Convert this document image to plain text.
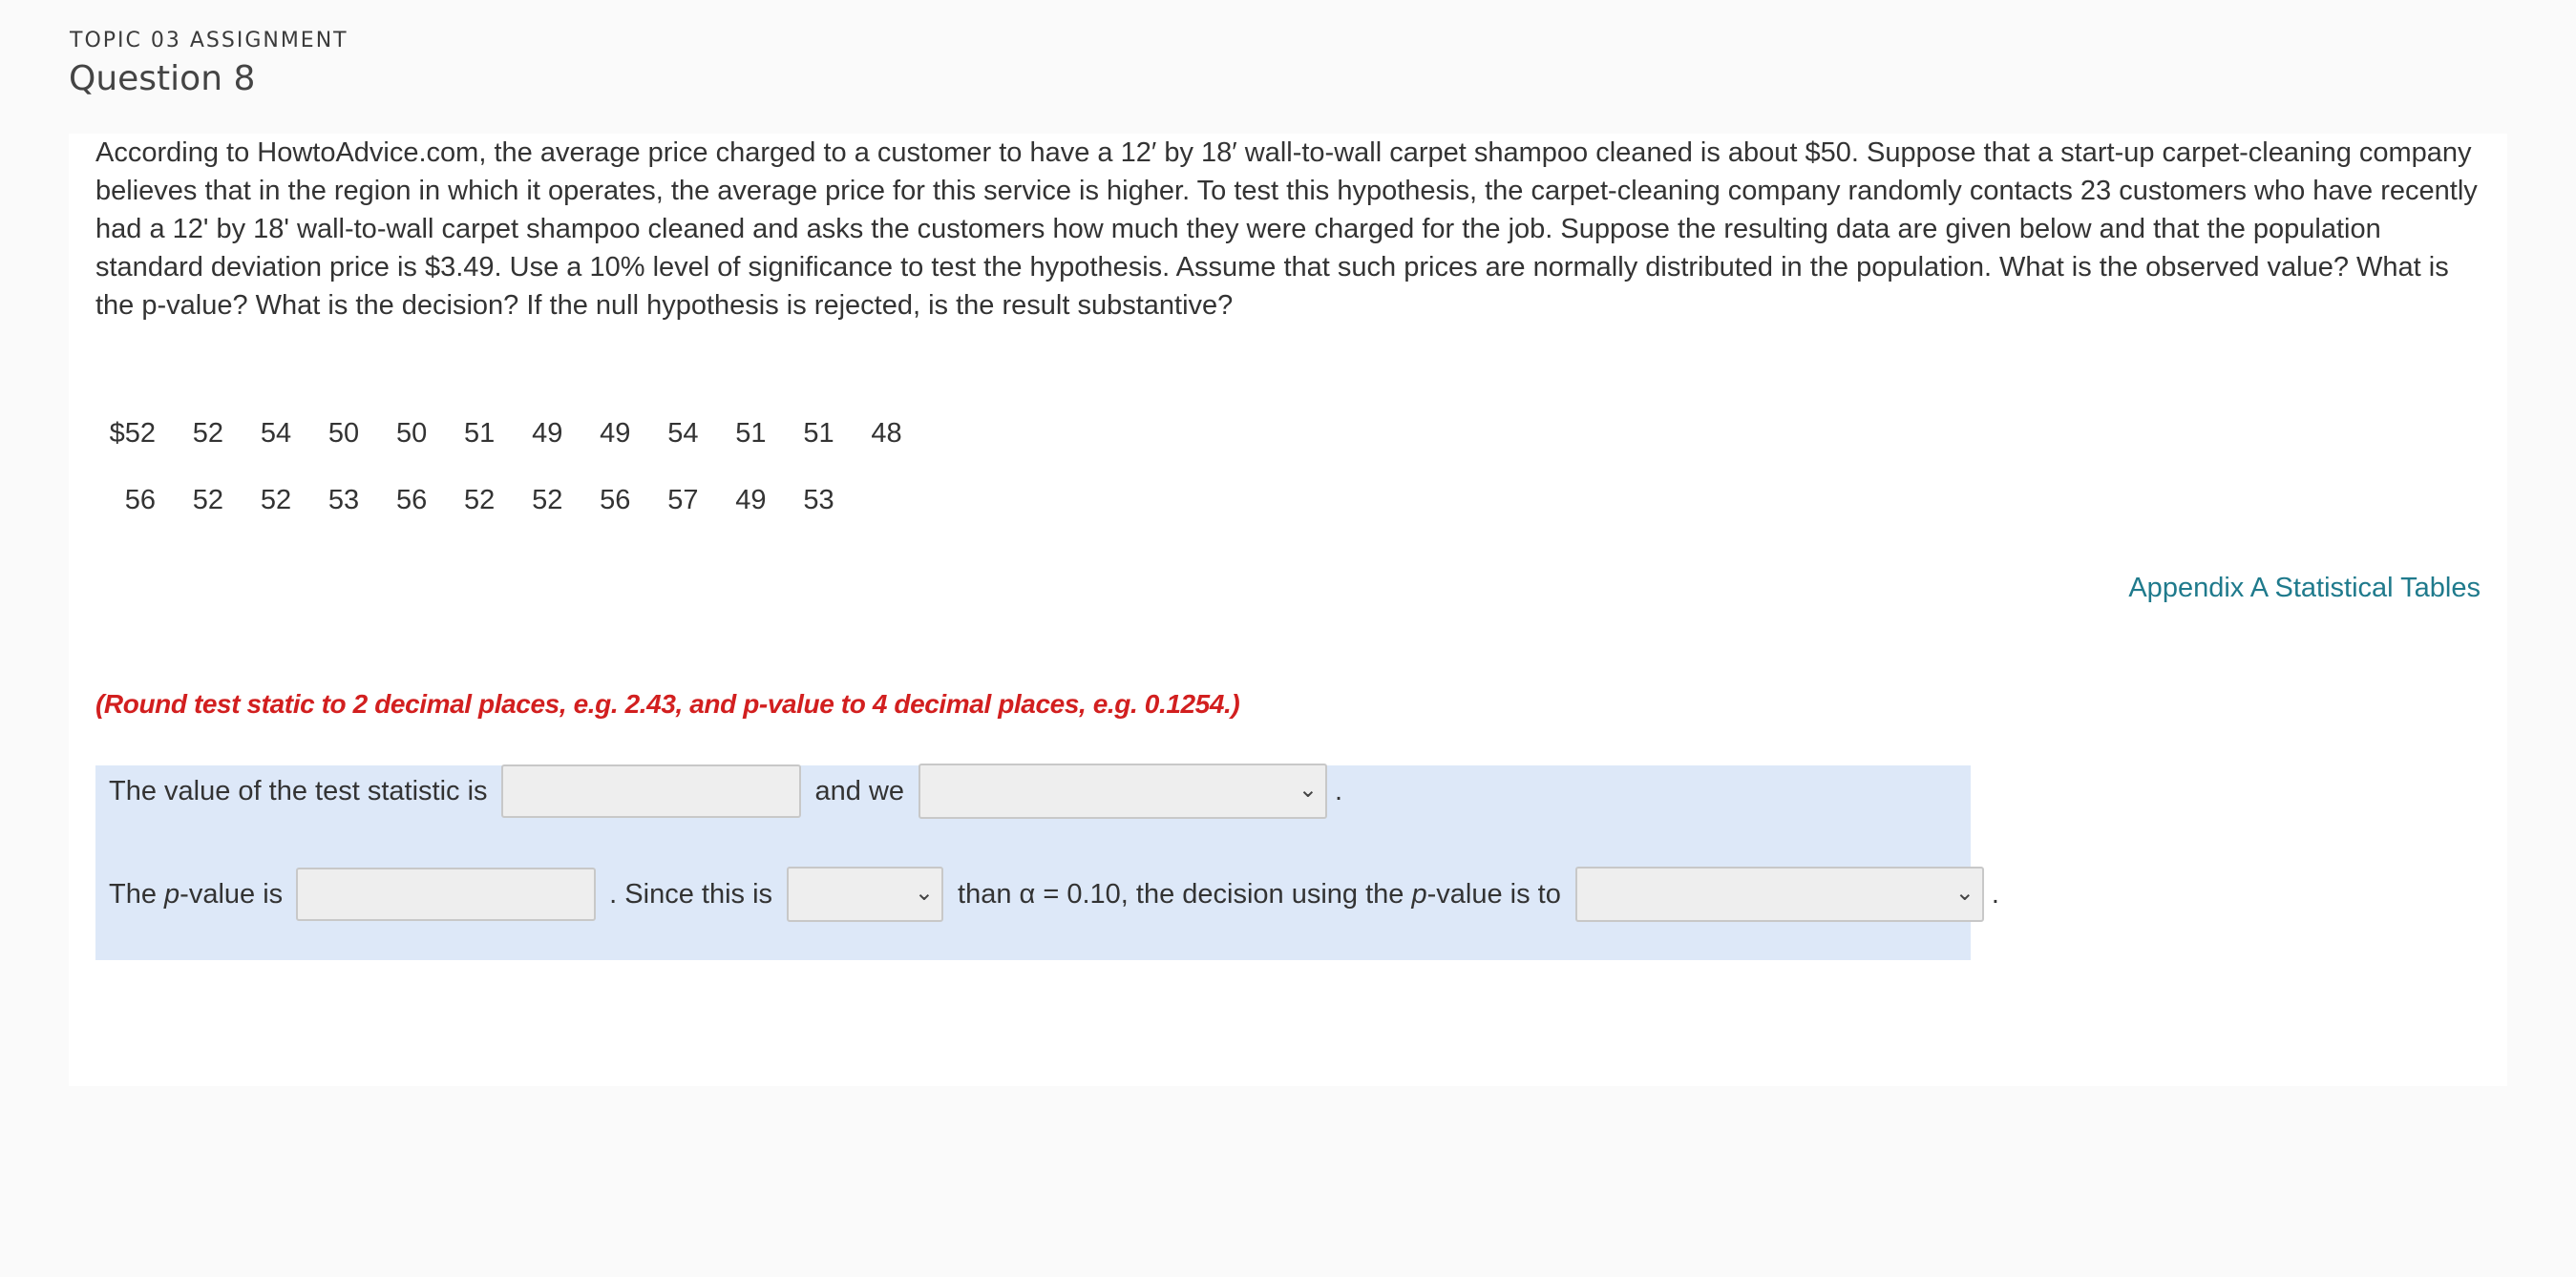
TOPIC 03 ASSIGNMENT
Question 8
According to HowtoAdvice.com, the average price charged to a customer to have a 12′ by 18′ wall-to-wall carpet shampoo cleaned is about $50. Suppose that a start-up carpet-cleaning company believes that in the region in which it operates, the average price for this service is higher. To test this hypothesis, the carpet-cleaning company randomly contacts 23 customers who have recently had a 12' by 18' wall-to-wall carpet shampoo cleaned and asks the customers how much they were charged for the job. Suppose the resulting data are given below and that the population standard deviation price is $3.49. Use a 10% level of significance to test the hypothesis. Assume that such prices are normally distributed in the population. What is the observed value? What is the p-value? What is the decision? If the null hypothesis is rejected, is the result substantive?
$52 52 54 50 50 51 49 49 54 51 51 48
56 52 52 53 56 52 52 56 57 49 53
Appendix A Statistical Tables
(Round test static to 2 decimal places, e.g. 2.43, and p-value to 4 decimal places, e.g. 0.1254.)
The value of the test statistic is	and we	⌄ .
The p-value is	. Since this is	⌄ than α = 0.10, the decision using the p-value is to	⌄ .
